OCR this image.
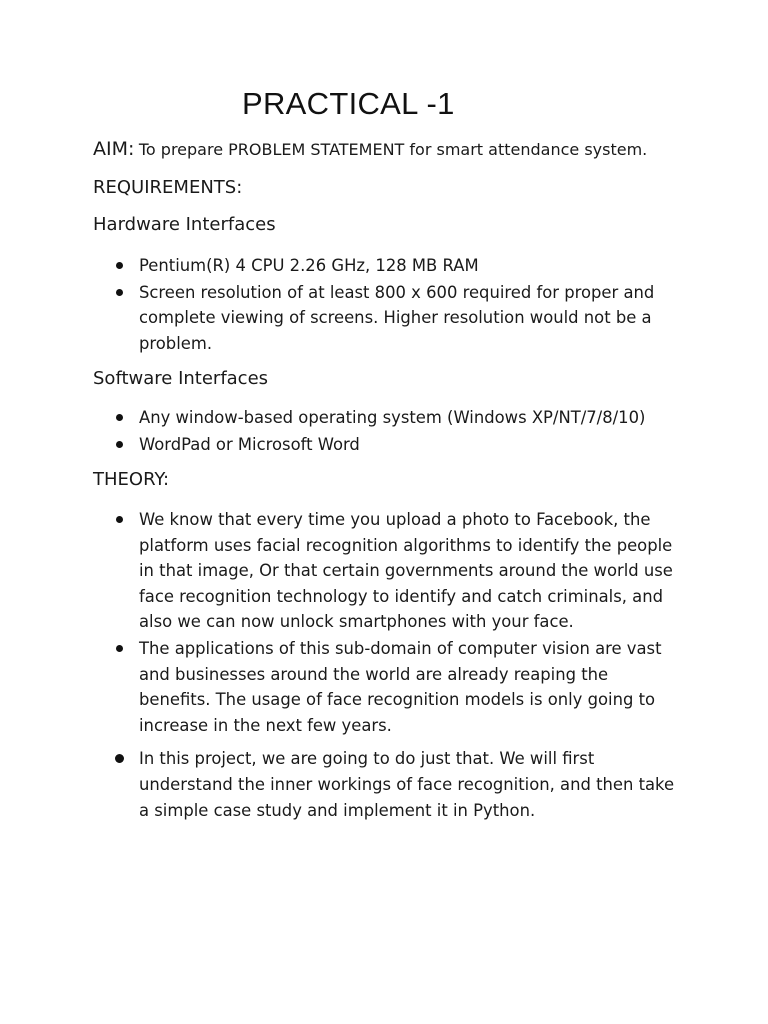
PRACTICAL -1
AIM: To prepare PROBLEM STATEMENT for smart attendance system.
REQUIREMENTS:
Hardware Interfaces
Pentium(R) 4 CPU 2.26 GHz, 128 MB RAM
Screen resolution of at least 800 x 600 required for proper and complete viewing of screens. Higher resolution would not be a problem.
Software Interfaces
Any window-based operating system (Windows XP/NT/7/8/10)
WordPad or Microsoft Word
THEORY:
We know that every time you upload a photo to Facebook, the platform uses facial recognition algorithms to identify the people in that image, Or that certain governments around the world use face recognition technology to identify and catch criminals, and also we can now unlock smartphones with your face.
The applications of this sub-domain of computer vision are vast and businesses around the world are already reaping the benefits. The usage of face recognition models is only going to increase in the next few years.
In this project, we are going to do just that. We will first understand the inner workings of face recognition, and then take a simple case study and implement it in Python.
